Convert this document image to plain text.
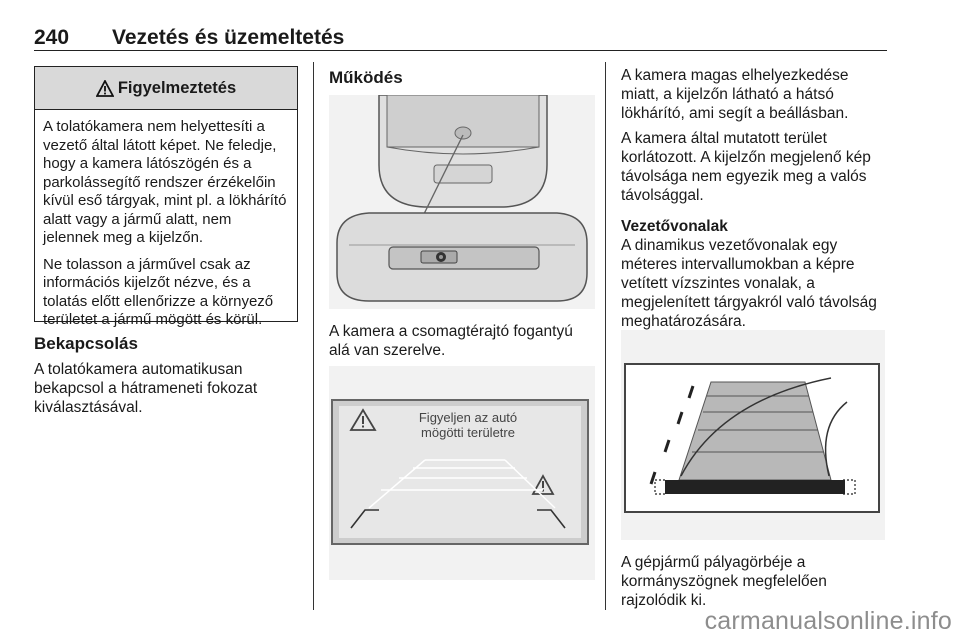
240 Vezetés és üzemeltetés
Figyelmeztetés

A tolatókamera nem helyettesíti a vezető által látott képet. Ne feledje, hogy a kamera látószögén és a parkolássegítő rendszer érzékelőin kívül eső tárgyak, mint pl. a lökhárító alatt vagy a jármű alatt, nem jelennek meg a kijelzőn.

Ne tolasson a járművel csak az információs kijelzőt nézve, és a tolatás előtt ellenőrizze a környező területet a jármű mögött és körül.

Bekapcsolás

A tolatókamera automatikusan bekapcsol a hátrameneti fokozat kiválasztásával.

Működés

A kamera a csomagtérajtó fogantyú alá van szerelve.

Figyeljen az autó
mögötti területre

A kamera magas elhelyezkedése miatt, a kijelzőn látható a hátsó lökhárító, ami segít a beállásban.

A kamera által mutatott terület korlátozott. A kijelzőn megjelenő kép távolsága nem egyezik meg a valós távolsággal.

Vezetővonalak

A dinamikus vezetővonalak egy méteres intervallumokban a képre vetített vízszintes vonalak, a megjelenített tárgyakról való távolság meghatározására.

A gépjármű pályagörbéje a kormányszögnek megfelelően rajzolódik ki.

carmanualsonline.info
